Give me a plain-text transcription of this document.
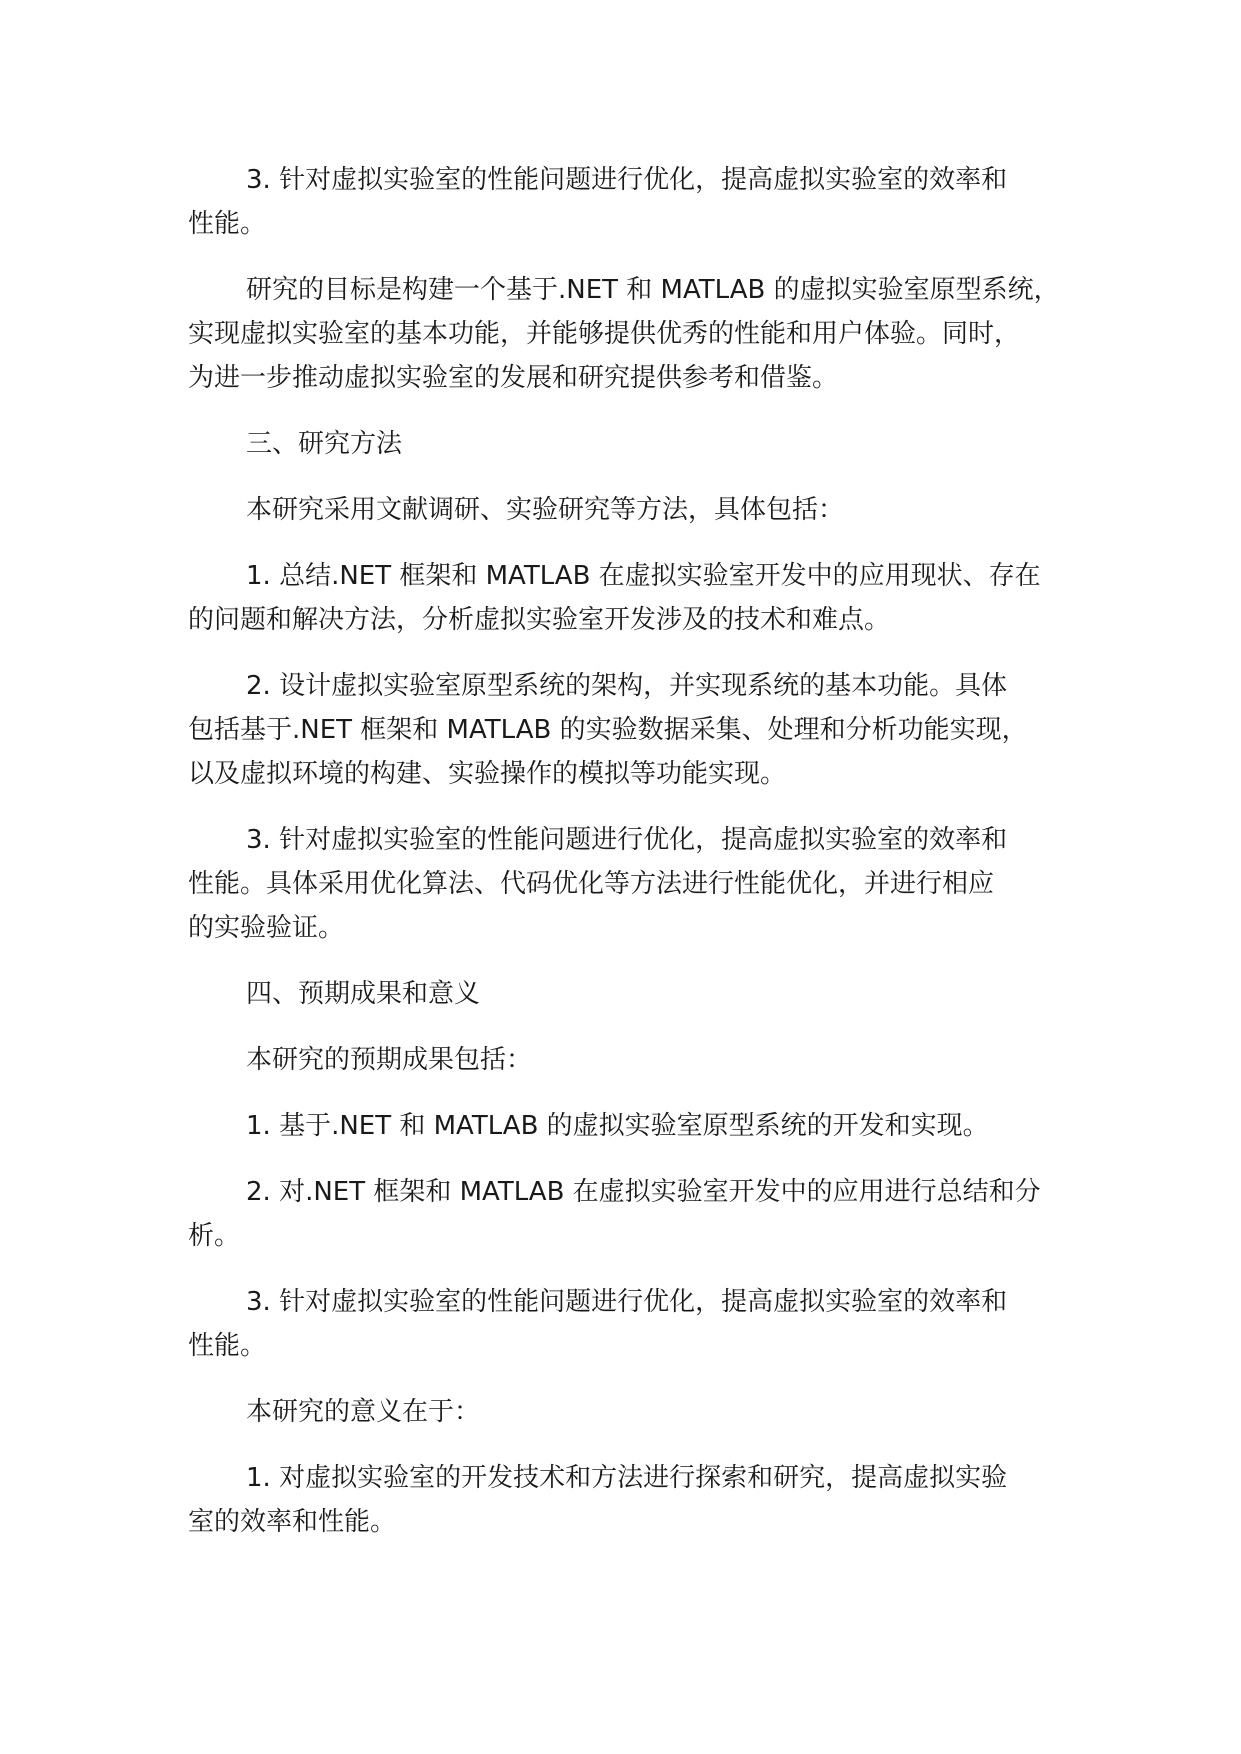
3. 针对虚拟实验室的性能问题进行优化，提高虚拟实验室的效率和
性能。

研究的目标是构建一个基于.NET 和 MATLAB 的虚拟实验室原型系统，
实现虚拟实验室的基本功能，并能够提供优秀的性能和用户体验。同时，
为进一步推动虚拟实验室的发展和研究提供参考和借鉴。

三、研究方法

本研究采用文献调研、实验研究等方法，具体包括：

1. 总结.NET 框架和 MATLAB 在虚拟实验室开发中的应用现状、存在
的问题和解决方法，分析虚拟实验室开发涉及的技术和难点。

2. 设计虚拟实验室原型系统的架构，并实现系统的基本功能。具体
包括基于.NET 框架和 MATLAB 的实验数据采集、处理和分析功能实现，
以及虚拟环境的构建、实验操作的模拟等功能实现。

3. 针对虚拟实验室的性能问题进行优化，提高虚拟实验室的效率和
性能。具体采用优化算法、代码优化等方法进行性能优化，并进行相应
的实验验证。

四、预期成果和意义

本研究的预期成果包括：

1. 基于.NET 和 MATLAB 的虚拟实验室原型系统的开发和实现。

2. 对.NET 框架和 MATLAB 在虚拟实验室开发中的应用进行总结和分
析。

3. 针对虚拟实验室的性能问题进行优化，提高虚拟实验室的效率和
性能。

本研究的意义在于：

1. 对虚拟实验室的开发技术和方法进行探索和研究，提高虚拟实验
室的效率和性能。
